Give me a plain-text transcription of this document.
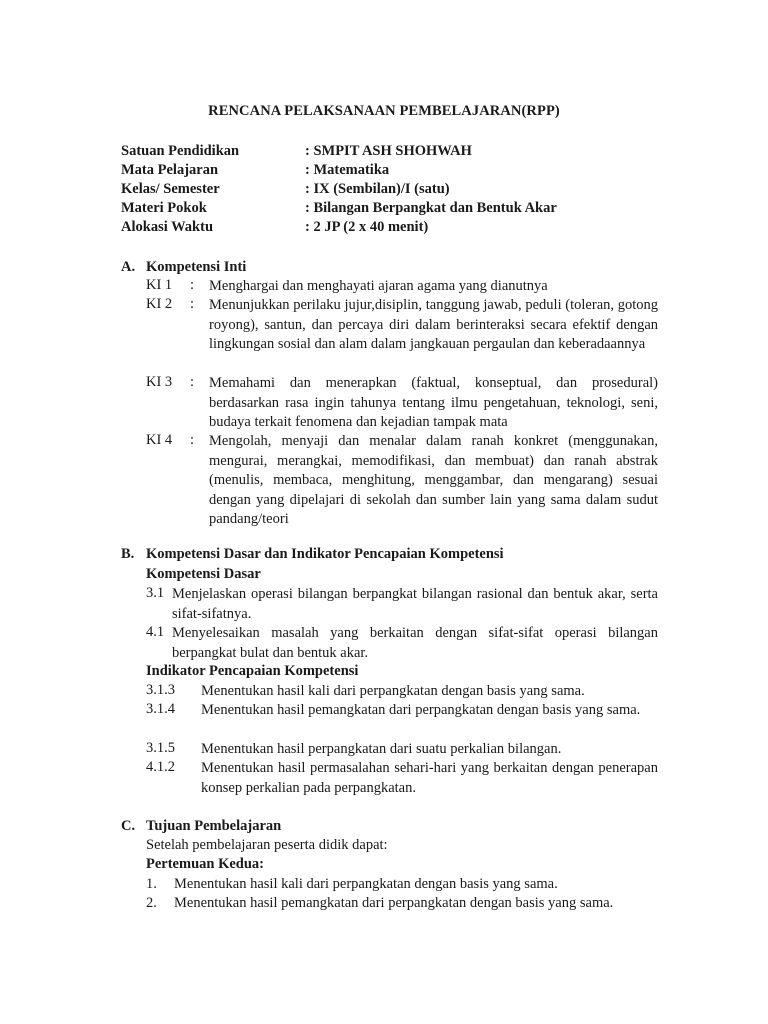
RENCANA PELAKSANAAN PEMBELAJARAN(RPP)
Satuan Pendidikan	: SMPIT ASH SHOHWAH
Mata Pelajaran	: Matematika
Kelas/ Semester	: IX (Sembilan)/I (satu)
Materi Pokok	: Bilangan Berpangkat dan Bentuk Akar
Alokasi Waktu	: 2 JP (2 x 40 menit)
A. Kompetensi Inti
KI 1 : Menghargai dan menghayati ajaran agama yang dianutnya
KI 2 : Menunjukkan perilaku jujur,disiplin, tanggung jawab, peduli (toleran, gotong royong), santun, dan percaya diri dalam berinteraksi secara efektif dengan lingkungan sosial dan alam dalam jangkauan pergaulan dan keberadaannya
KI 3 : Memahami dan menerapkan (faktual, konseptual, dan prosedural) berdasarkan rasa ingin tahunya tentang ilmu pengetahuan, teknologi, seni, budaya terkait fenomena dan kejadian tampak mata
KI 4 : Mengolah, menyaji dan menalar dalam ranah konkret (menggunakan, mengurai, merangkai, memodifikasi, dan membuat) dan ranah abstrak (menulis, membaca, menghitung, menggambar, dan mengarang) sesuai dengan yang dipelajari di sekolah dan sumber lain yang sama dalam sudut pandang/teori
B. Kompetensi Dasar dan Indikator Pencapaian Kompetensi
Kompetensi Dasar
3.1 Menjelaskan operasi bilangan berpangkat bilangan rasional dan bentuk akar, serta sifat-sifatnya.
4.1 Menyelesaikan masalah yang berkaitan dengan sifat-sifat operasi bilangan berpangkat bulat dan bentuk akar.
Indikator Pencapaian Kompetensi
3.1.3 Menentukan hasil kali dari perpangkatan dengan basis yang sama.
3.1.4 Menentukan hasil pemangkatan dari perpangkatan dengan basis yang sama.
3.1.5 Menentukan hasil perpangkatan dari suatu perkalian bilangan.
4.1.2 Menentukan hasil permasalahan sehari-hari yang berkaitan dengan penerapan konsep perkalian pada perpangkatan.
C. Tujuan Pembelajaran
Setelah pembelajaran peserta didik dapat:
Pertemuan Kedua:
1. Menentukan hasil kali dari perpangkatan dengan basis yang sama.
2. Menentukan hasil pemangkatan dari perpangkatan dengan basis yang sama.
